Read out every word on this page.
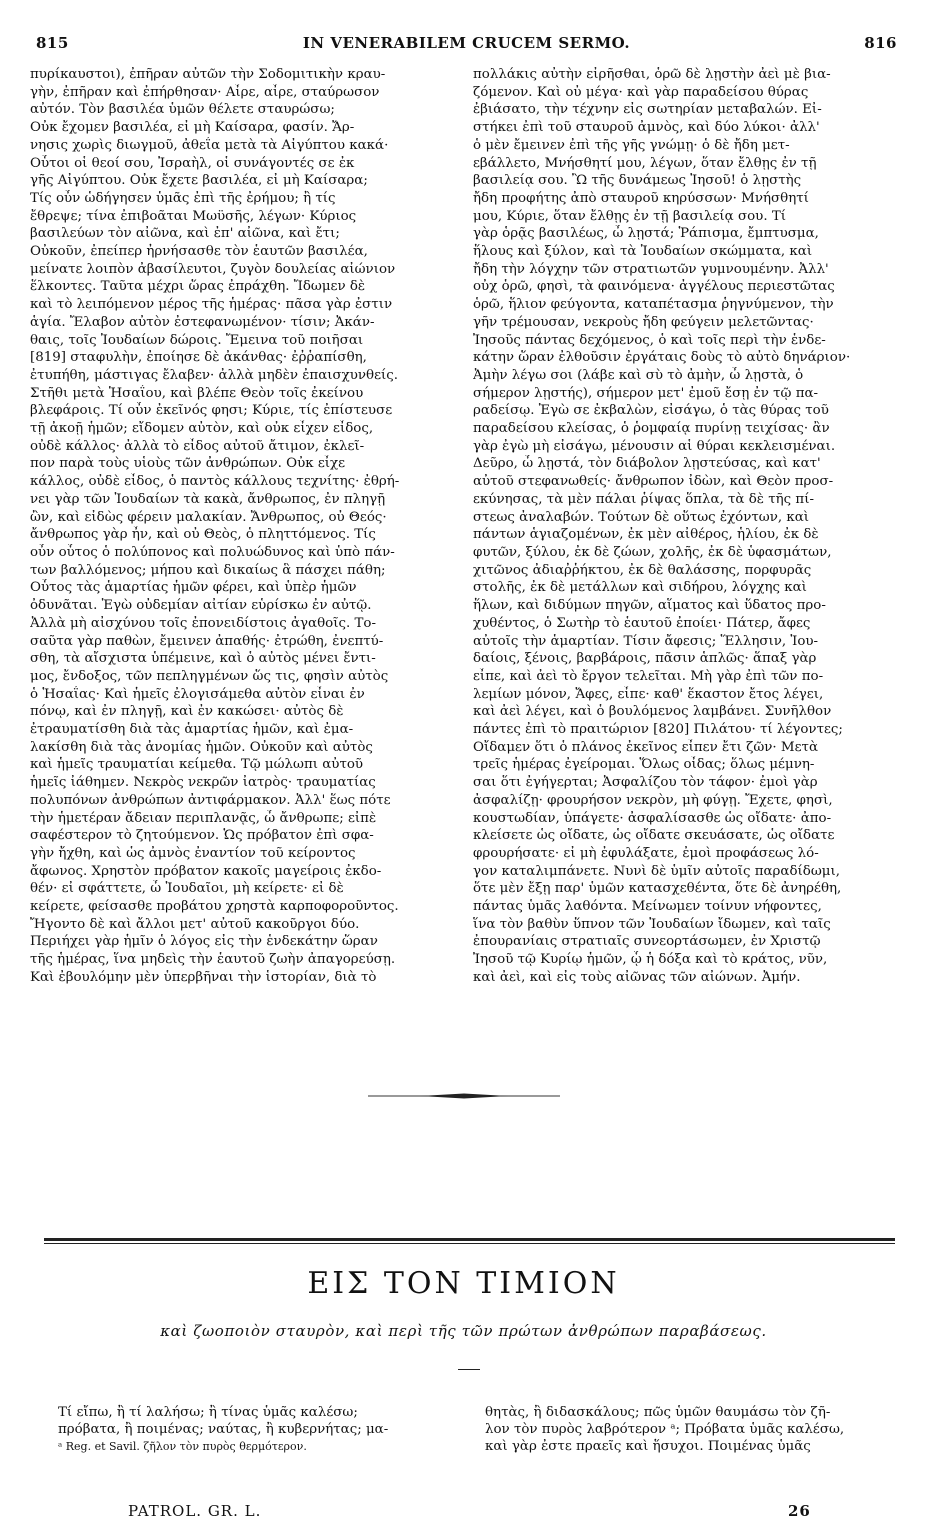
815	IN VENERABILEM CRUCEM SERMO.	816
πυρίκαυστοι), ἐπῆραν αὐτῶν τὴν Σοδομιτικὴν κραυ-
γὴν, ἐπῆραν καὶ ἐπήρθησαν· Αἶρε, αἶρε, σταύρωσον
αὐτόν. Τὸν βασιλέα ὑμῶν θέλετε σταυρώσω;
Οὐκ ἔχομεν βασιλέα, εἰ μὴ Καίσαρα, φασίν. Ἄρ-
νησις χωρὶς διωγμοῦ, ἀθεΐα μετὰ τὰ Αἰγύπτου κακά·
Οὗτοι οἱ θεοί σου, Ἰσραὴλ, οἱ συνάγοντές σε ἐκ
γῆς Αἰγύπτου. Οὐκ ἔχετε βασιλέα, εἰ μὴ Καίσαρα;
Τίς οὖν ὡδήγησεν ὑμᾶς ἐπὶ τῆς ἐρήμου; ἢ τίς
ἔθρεψε; τίνα ἐπιβοᾶται Μωϋσῆς, λέγων· Κύριος
βασιλεύων τὸν αἰῶνα, καὶ ἐπ' αἰῶνα, καὶ ἔτι;
Οὐκοῦν, ἐπείπερ ἠρνήσασθε τὸν ἑαυτῶν βασιλέα,
μείνατε λοιπὸν ἀβασίλευτοι, ζυγὸν δουλείας αἰώνιον
ἕλκοντες. Ταῦτα μέχρι ὥρας ἐπράχθη. Ἴδωμεν δὲ
καὶ τὸ λειπόμενον μέρος τῆς ἡμέρας· πᾶσα γὰρ ἐστιν
ἁγία. Ἔλαβον αὐτὸν ἐστεφανωμένον· τίσιν; Ἀκάν-
θαις, τοῖς Ἰουδαίων δώροις. Ἔμεινα τοῦ ποιῆσαι
[819] σταφυλὴν, ἐποίησε δὲ ἀκάνθας· ἐῤῥαπίσθη,
ἐτυπήθη, μάστιγας ἔλαβεν· ἀλλὰ μηδὲν ἐπαισχυνθείς.
Στῆθι μετὰ Ἡσαΐου, καὶ βλέπε Θεὸν τοῖς ἐκείνου
βλεφάροις. Τί οὖν ἐκεῖνός φησι; Κύριε, τίς ἐπίστευσε
τῇ ἀκοῇ ἡμῶν; εἴδομεν αὐτὸν, καὶ οὐκ εἶχεν εἶδος,
οὐδὲ κάλλος· ἀλλὰ τὸ εἶδος αὐτοῦ ἄτιμον, ἐκλεῖ-
πον παρὰ τοὺς υἱοὺς τῶν ἀνθρώπων. Οὐκ εἶχε
κάλλος, οὐδὲ εἶδος, ὁ παντὸς κάλλους τεχνίτης· ἐθρή-
νει γὰρ τῶν Ἰουδαίων τὰ κακὰ, ἄνθρωπος, ἐν πληγῇ
ὢν, καὶ εἰδὼς φέρειν μαλακίαν. Ἄνθρωπος, οὐ Θεός·
ἄνθρωπος γὰρ ἦν, καὶ οὐ Θεὸς, ὁ πληττόμενος. Τίς
οὖν οὗτος ὁ πολύπονος καὶ πολυώδυνος καὶ ὑπὸ πάν-
των βαλλόμενος; μήπου καὶ δικαίως ἃ πάσχει πάθη;
Οὗτος τὰς ἁμαρτίας ἡμῶν φέρει, καὶ ὑπὲρ ἡμῶν
ὀδυνᾶται. Ἐγὼ οὐδεμίαν αἰτίαν εὑρίσκω ἐν αὐτῷ.
Ἀλλὰ μὴ αἰσχύνου τοῖς ἐπονειδίστοις ἀγαθοῖς. Το-
σαῦτα γὰρ παθὼν, ἔμεινεν ἀπαθής· ἐτρώθη, ἐνεπτύ-
σθη, τὰ αἴσχιστα ὑπέμεινε, καὶ ὁ αὐτὸς μένει ἔντι-
μος, ἔνδοξος, τῶν πεπληγμένων ὥς τις, φησὶν αὐτὸς
ὁ Ἡσαΐας· Καὶ ἡμεῖς ἐλογισάμεθα αὐτὸν εἶναι ἐν
πόνῳ, καὶ ἐν πληγῇ, καὶ ἐν κακώσει· αὐτὸς δὲ
ἐτραυματίσθη διὰ τὰς ἁμαρτίας ἡμῶν, καὶ ἐμα-
λακίσθη διὰ τὰς ἀνομίας ἡμῶν. Οὐκοῦν καὶ αὐτὸς
καὶ ἡμεῖς τραυματίαι κείμεθα. Τῷ μώλωπι αὐτοῦ
ἡμεῖς ἰάθημεν. Νεκρὸς νεκρῶν ἰατρὸς· τραυματίας
πολυπόνων ἀνθρώπων ἀντιφάρμακον. Ἀλλ' ἕως πότε
τὴν ἡμετέραν ἄδειαν περιπλανᾷς, ὦ ἄνθρωπε; εἰπὲ
σαφέστερον τὸ ζητούμενον. Ὡς πρόβατον ἐπὶ σφα-
γὴν ἤχθη, καὶ ὡς ἀμνὸς ἐναντίον τοῦ κείροντος
ἄφωνος. Χρηστὸν πρόβατον κακοῖς μαγείροις ἐκδο-
θέν· εἰ σφάττετε, ὦ Ἰουδαῖοι, μὴ κείρετε· εἰ δὲ
κείρετε, φείσασθε προβάτου χρηστὰ καρποφοροῦντος.
Ἤγοντο δὲ καὶ ἄλλοι μετ' αὐτοῦ κακοῦργοι δύο.
Περιήχει γὰρ ἡμῖν ὁ λόγος εἰς τὴν ἑνδεκάτην ὥραν
τῆς ἡμέρας, ἵνα μηδεὶς τὴν ἑαυτοῦ ζωὴν ἀπαγορεύσῃ.
Καὶ ἐβουλόμην μὲν ὑπερβῆναι τὴν ἱστορίαν, διὰ τὸ
πολλάκις αὐτὴν εἰρῆσθαι, ὁρῶ δὲ λῃστὴν ἀεὶ μὲ βια-
ζόμενον. Καὶ οὐ μέγα· καὶ γὰρ παραδείσου θύρας
ἐβιάσατο, τὴν τέχνην εἰς σωτηρίαν μεταβαλών. Εἰ-
στήκει ἐπὶ τοῦ σταυροῦ ἀμνὸς, καὶ δύο λύκοι· ἀλλ'
ὁ μὲν ἔμεινεν ἐπὶ τῆς γῆς γνώμῃ· ὁ δὲ ἤδη μετ-
εβάλλετο, Μνήσθητί μου, λέγων, ὅταν ἔλθῃς ἐν τῇ
βασιλείᾳ σου. Ὢ τῆς δυνάμεως Ἰησοῦ! ὁ λῃστὴς
ἤδη προφήτης ἀπὸ σταυροῦ κηρύσσων· Μνήσθητί
μου, Κύριε, ὅταν ἔλθῃς ἐν τῇ βασιλείᾳ σου. Τί
γὰρ ὁρᾷς βασιλέως, ὦ λῃστά; Ῥάπισμα, ἔμπτυσμα,
ἥλους καὶ ξύλον, καὶ τὰ Ἰουδαίων σκώμματα, καὶ
ἤδη τὴν λόγχην τῶν στρατιωτῶν γυμνουμένην. Ἀλλ'
οὐχ ὁρῶ, φησὶ, τὰ φαινόμενα· ἀγγέλους περιεστῶτας
ὁρῶ, ἥλιον φεύγοντα, καταπέτασμα ῥηγνύμενον, τὴν
γῆν τρέμουσαν, νεκροὺς ἤδη φεύγειν μελετῶντας·
Ἰησοῦς πάντας δεχόμενος, ὁ καὶ τοῖς περὶ τὴν ἑνδε-
κάτην ὥραν ἐλθοῦσιν ἐργάταις δοὺς τὸ αὐτὸ δηνάριον·
Ἀμὴν λέγω σοι (λάβε καὶ σὺ τὸ ἀμὴν, ὦ λῃστὰ, ὁ
σήμερον λῃστής), σήμερον μετ' ἐμοῦ ἔσῃ ἐν τῷ πα-
ραδείσῳ. Ἐγὼ σε ἐκβαλὼν, εἰσάγω, ὁ τὰς θύρας τοῦ
παραδείσου κλείσας, ὁ ῥομφαίᾳ πυρίνῃ τειχίσας· ἂν
γὰρ ἐγὼ μὴ εἰσάγω, μένουσιν αἱ θύραι κεκλεισμέναι.
Δεῦρο, ὦ λῃστά, τὸν διάβολον λῃστεύσας, καὶ κατ'
αὐτοῦ στεφανωθείς· ἄνθρωπον ἰδὼν, καὶ Θεὸν προσ-
εκύνησας, τὰ μὲν πάλαι ῥίψας ὅπλα, τὰ δὲ τῆς πί-
στεως ἀναλαβών. Τούτων δὲ οὕτως ἐχόντων, καὶ
πάντων ἁγιαζομένων, ἐκ μὲν αἰθέρος, ἡλίου, ἐκ δὲ
φυτῶν, ξύλου, ἐκ δὲ ζώων, χολῆς, ἐκ δὲ ὑφασμάτων,
χιτῶνος ἀδιαῤῥήκτου, ἐκ δὲ θαλάσσης, πορφυρᾶς
στολῆς, ἐκ δὲ μετάλλων καὶ σιδήρου, λόγχης καὶ
ἥλων, καὶ διδύμων πηγῶν, αἵματος καὶ ὕδατος προ-
χυθέντος, ὁ Σωτὴρ τὸ ἑαυτοῦ ἐποίει· Πάτερ, ἄφες
αὐτοῖς τὴν ἁμαρτίαν. Τίσιν ἄφεσις; Ἕλλησιν, Ἰου-
δαίοις, ξένοις, βαρβάροις, πᾶσιν ἁπλῶς· ἅπαξ γὰρ
εἶπε, καὶ ἀεὶ τὸ ἔργον τελεῖται. Μὴ γὰρ ἐπὶ τῶν πο-
λεμίων μόνον, Ἄφες, εἶπε· καθ' ἕκαστον ἔτος λέγει,
καὶ ἀεὶ λέγει, καὶ ὁ βουλόμενος λαμβάνει. Συνῆλθον
πάντες ἐπὶ τὸ πραιτώριον [820] Πιλάτου· τί λέγοντες;
Οἴδαμεν ὅτι ὁ πλάνος ἐκεῖνος εἶπεν ἔτι ζῶν· Μετὰ
τρεῖς ἡμέρας ἐγείρομαι. Ὅλως οἶδας; ὅλως μέμνη-
σαι ὅτι ἐγήγερται; Ἀσφαλίζου τὸν τάφον· ἐμοὶ γὰρ
ἀσφαλίζῃ· φρουρήσον νεκρὸν, μὴ φύγῃ. Ἔχετε, φησὶ,
κουστωδίαν, ὑπάγετε· ἀσφαλίσασθε ὡς οἴδατε· ἀπο-
κλείσετε ὡς οἴδατε, ὡς οἴδατε σκευάσατε, ὡς οἴδατε
φρουρήσατε· εἰ μὴ ἐφυλάξατε, ἐμοὶ προφάσεως λό-
γον καταλιμπάνετε. Νυνὶ δὲ ὑμῖν αὐτοῖς παραδίδωμι,
ὅτε μὲν ἔξῃ παρ' ὑμῶν κατασχεθέντα, ὅτε δὲ ἀνηρέθη,
πάντας ὑμᾶς λαθόντα. Μείνωμεν τοίνυν νήφοντες,
ἵνα τὸν βαθὺν ὕπνον τῶν Ἰουδαίων ἴδωμεν, καὶ ταῖς
ἐπουρανίαις στρατιαῖς συνεορτάσωμεν, ἐν Χριστῷ
Ἰησοῦ τῷ Κυρίῳ ἡμῶν, ᾧ ἡ δόξα καὶ τὸ κράτος, νῦν,
καὶ ἀεὶ, καὶ εἰς τοὺς αἰῶνας τῶν αἰώνων. Ἀμήν.
ΕΙΣ ΤΟΝ ΤΙΜΙΟΝ
καὶ ζωοποιὸν σταυρὸν, καὶ περὶ τῆς τῶν πρώτων ἀνθρώπων παραβάσεως.
Τί εἴπω, ἢ τί λαλήσω; ἢ τίνας ὑμᾶς καλέσω;
πρόβατα, ἢ ποιμένας; ναύτας, ἢ κυβερνήτας; μα-
ᵃ Reg. et Savil. ζῆλον τὸν πυρὸς θερμότερον.
θητὰς, ἢ διδασκάλους; πῶς ὑμῶν θαυμάσω τὸν ζῆ-
λον τὸν πυρὸς λαβρότερον ᵃ; Πρόβατα ὑμᾶς καλέσω,
καὶ γὰρ ἐστε πραεῖς καὶ ἥσυχοι. Ποιμένας ὑμᾶς
PATROL. GR. L.	26
